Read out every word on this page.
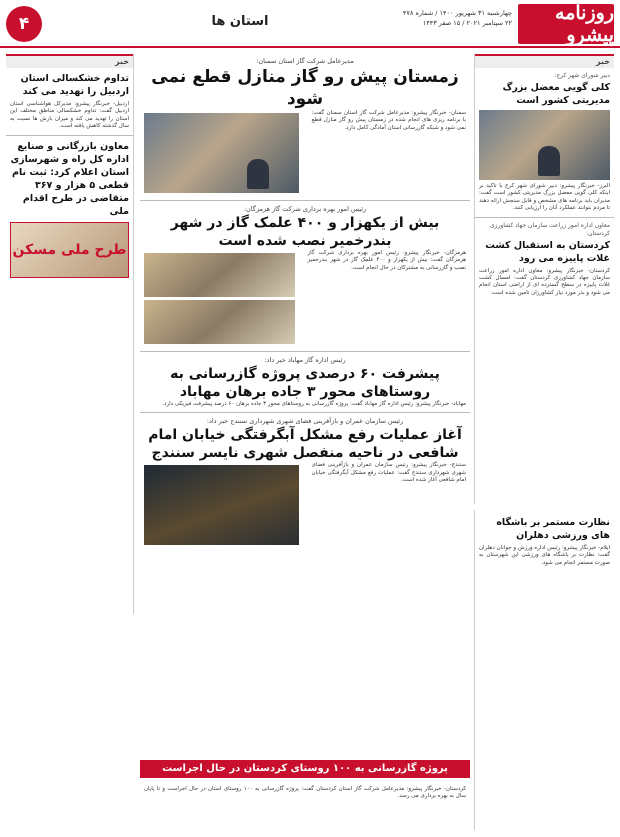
روزنامه پیشرو
چهارشنبه ۳۱ شهریور ۱۴۰۰ / شماره ۴۷۸
۲۲ سپتامبر ۲۰۲۱ / ۱۵ صفر ۱۴۴۳
استان ها
۴
خبر
دبیر شورای شهر کرج:
کلی گویی معضل بزرگ مدیریتی کشور است
البرز- خبرنگار پیشرو: دبیر شورای شهر کرج با تاکید بر اینکه کلی گویی معضل بزرگ مدیریتی کشور است گفت: مدیران باید برنامه های مشخص و قابل سنجش ارائه دهند تا مردم بتوانند عملکرد آنان را ارزیابی کنند.
معاون اداره امور زراعت سازمان جهاد کشاورزی کردستان:
کردستان به استقبال کشت غلات پاییزه می رود
کردستان- خبرنگار پیشرو: معاون اداره امور زراعت سازمان جهاد کشاورزی کردستان گفت: امسال کشت غلات پاییزه در سطح گسترده ای از اراضی استان انجام می شود و بذر مورد نیاز کشاورزان تامین شده است.
خبر
تداوم خشکسالی استان اردبیل را تهدید می کند
اردبیل- خبرنگار پیشرو: مدیرکل هواشناسی استان اردبیل گفت: تداوم خشکسالی مناطق مختلف این استان را تهدید می کند و میزان بارش ها نسبت به سال گذشته کاهش یافته است.
معاون بازرگانی و صنایع اداره کل راه و شهرسازی استان اعلام کرد: ثبت نام قطعی ۵ هزار و ۳۶۷ متقاضی در طرح اقدام ملی
طرح ملی مسکن
مدیرعامل شرکت گاز استان سمنان:
زمستان پیش رو گاز منازل قطع نمی شود
سمنان- خبرنگار پیشرو: مدیرعامل شرکت گاز استان سمنان گفت: با برنامه ریزی های انجام شده در زمستان پیش رو گاز منازل قطع نمی شود و شبکه گازرسانی استان آمادگی کامل دارد.
رئیس امور بهره برداری شرکت گاز هرمزگان:
بیش از یکهزار و ۴۰۰ علمک گاز در شهر بندرخمیر نصب شده است
هرمزگان- خبرنگار پیشرو: رئیس امور بهره برداری شرکت گاز هرمزگان گفت: بیش از یکهزار و ۴۰۰ علمک گاز در شهر بندرخمیر نصب و گازرسانی به مشترکان در حال انجام است.
رئیس اداره گاز مهاباد خبر داد:
پیشرفت ۶۰ درصدی پروژه گازرسانی به روستاهای محور ۳ جاده برهان مهاباد
مهاباد- خبرنگار پیشرو: رئیس اداره گاز مهاباد گفت: پروژه گازرسانی به روستاهای محور ۳ جاده برهان ۶۰ درصد پیشرفت فیزیکی دارد.
رئیس سازمان عمران و بازآفرینی فضای شهری شهرداری سنندج خبر داد:
آغاز عملیات رفع مشکل آبگرفتگی خیابان امام شافعی در ناحیه منفصل شهری نایسر سنندج
سنندج- خبرنگار پیشرو: رئیس سازمان عمران و بازآفرینی فضای شهری شهرداری سنندج گفت: عملیات رفع مشکل آبگرفتگی خیابان امام شافعی آغاز شده است.
پروژه گازرسانی به ۱۰۰ روستای کردستان در حال اجراست
کردستان- خبرنگار پیشرو: مدیرعامل شرکت گاز استان کردستان گفت: پروژه گازرسانی به ۱۰۰ روستای استان در حال اجراست و تا پایان سال به بهره برداری می رسد.
نظارت مستمر بر باشگاه های ورزشی دهلران
ایلام- خبرنگار پیشرو: رئیس اداره ورزش و جوانان دهلران گفت: نظارت بر باشگاه های ورزشی این شهرستان به صورت مستمر انجام می شود.
